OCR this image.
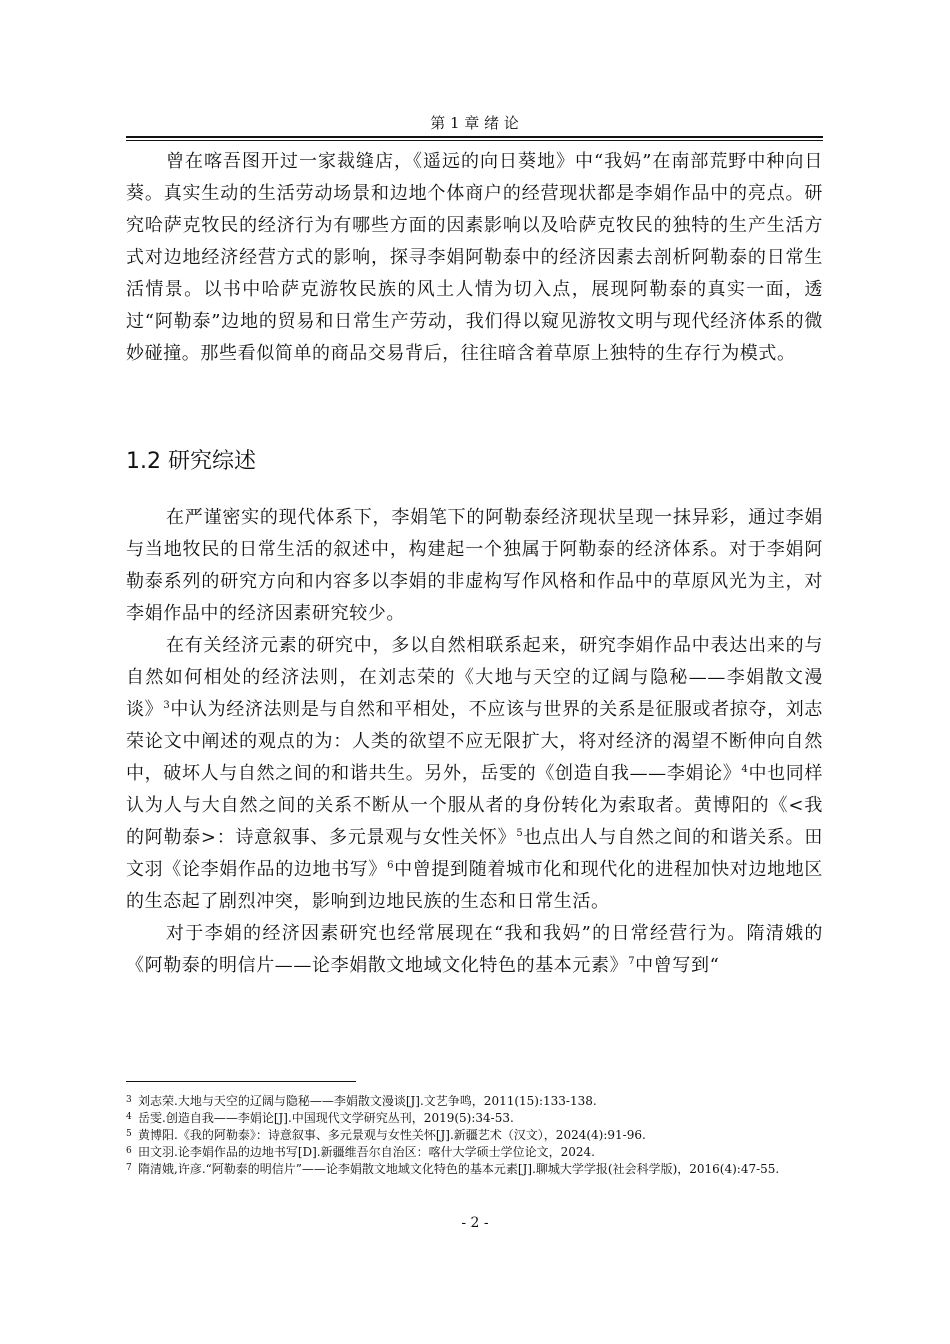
第 1 章 绪 论

曾在喀吾图开过一家裁缝店，《遥远的向日葵地》中“我妈”在南部荒野中种向日葵。真实生动的生活劳动场景和边地个体商户的经营现状都是李娟作品中的亮点。研究哈萨克牧民的经济行为有哪些方面的因素影响以及哈萨克牧民的独特的生产生活方式对边地经济经营方式的影响，探寻李娟阿勒泰中的经济因素去剖析阿勒泰的日常生活情景。以书中哈萨克游牧民族的风土人情为切入点，展现阿勒泰的真实一面，透过“阿勒泰”边地的贸易和日常生产劳动，我们得以窥见游牧文明与现代经济体系的微妙碰撞。那些看似简单的商品交易背后，往往暗含着草原上独特的生存行为模式。

1.2 研究综述

在严谨密实的现代体系下，李娟笔下的阿勒泰经济现状呈现一抹异彩，通过李娟与当地牧民的日常生活的叙述中，构建起一个独属于阿勒泰的经济体系。对于李娟阿勒泰系列的研究方向和内容多以李娟的非虚构写作风格和作品中的草原风光为主，对李娟作品中的经济因素研究较少。

在有关经济元素的研究中，多以自然相联系起来，研究李娟作品中表达出来的与自然如何相处的经济法则，在刘志荣的《大地与天空的辽阔与隐秘——李娟散文漫谈》$^3$中认为经济法则是与自然和平相处，不应该与世界的关系是征服或者掠夺，刘志荣论文中阐述的观点的为：人类的欲望不应无限扩大，将对经济的渴望不断伸向自然中，破坏人与自然之间的和谐共生。另外，岳雯的《创造自我——李娟论》$^4$中也同样认为人与大自然之间的关系不断从一个服从者的身份转化为索取者。黄博阳的《<我的阿勒泰>：诗意叙事、多元景观与女性关怀》$^5$也点出人与自然之间的和谐关系。田文羽《论李娟作品的边地书写》$^6$中曾提到随着城市化和现代化的进程加快对边地地区的生态起了剧烈冲突，影响到边地民族的生态和日常生活。

对于李娟的经济因素研究也经常展现在“我和我妈”的日常经营行为。隋清娥的《阿勒泰的明信片——论李娟散文地域文化特色的基本元素》$^7$中曾写到“

3 刘志荣.大地与天空的辽阔与隐秘——李娟散文漫谈[J].文艺争鸣，2011(15):133-138.
4 岳雯.创造自我——李娟论[J].中国现代文学研究丛刊，2019(5):34-53.
5 黄博阳.《我的阿勒泰》：诗意叙事、多元景观与女性关怀[J].新疆艺术（汉文），2024(4):91-96.
6 田文羽.论李娟作品的边地书写[D].新疆维吾尔自治区：喀什大学硕士学位论文，2024.
7 隋清娥,许彦.“阿勒泰的明信片”——论李娟散文地域文化特色的基本元素[J].聊城大学学报(社会科学版)，2016(4):47-55.
- 2 -
